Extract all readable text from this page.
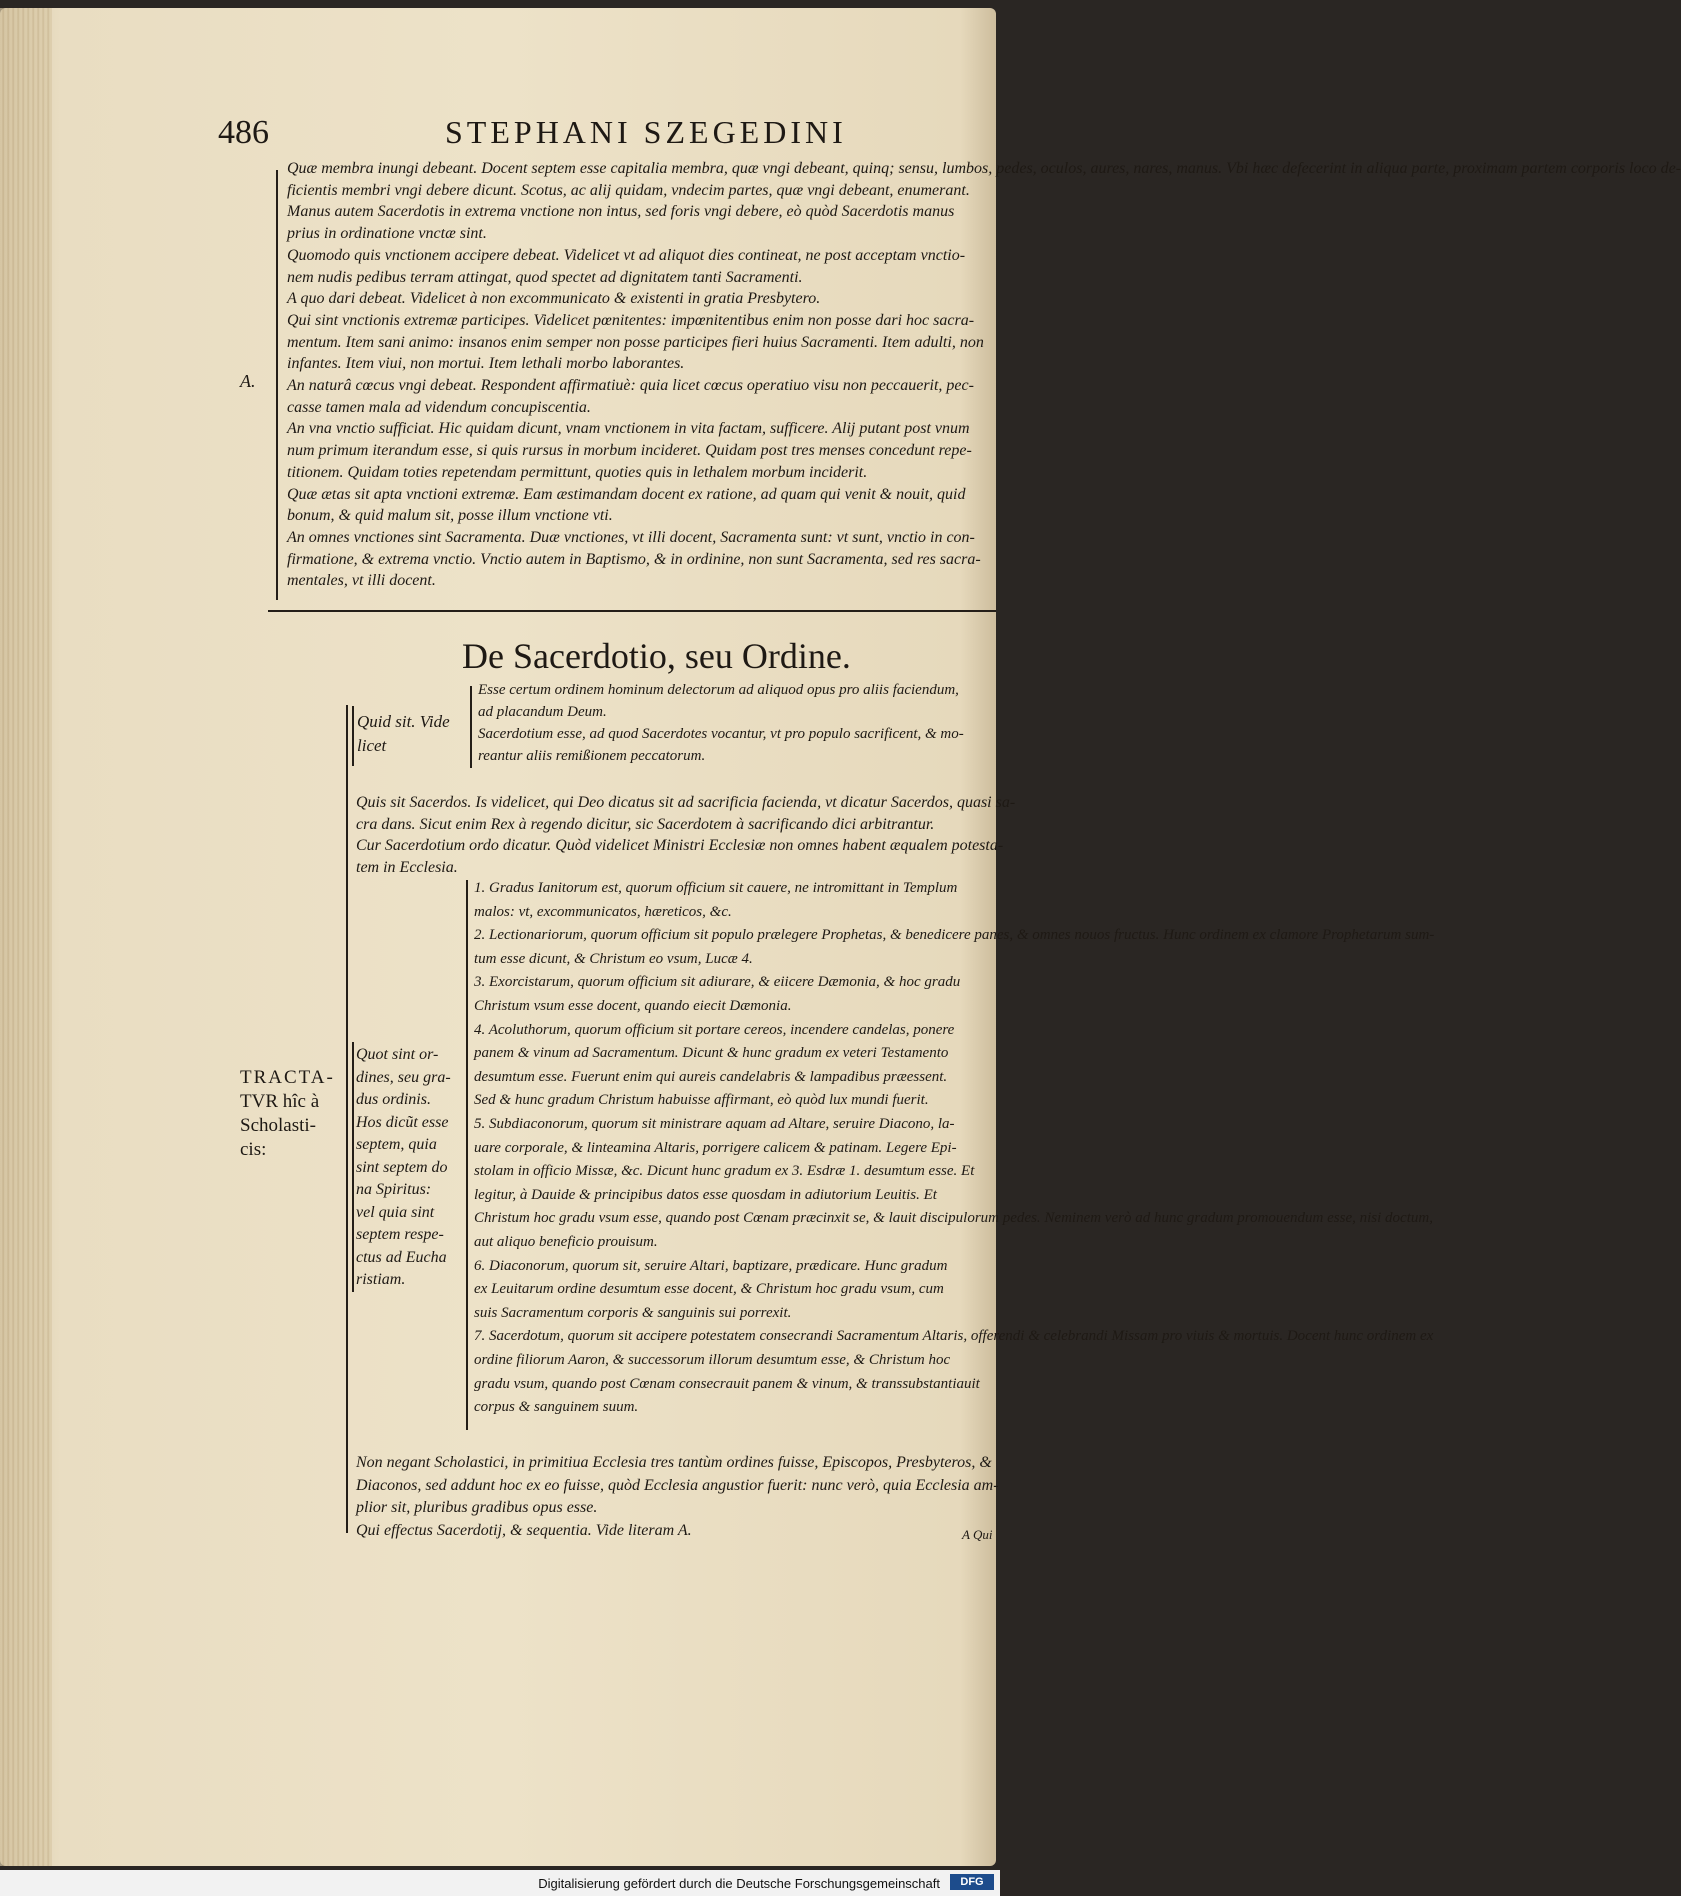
486	STEPHANI SZEGEDINI
A.
Quæ membra inungi debeant. Docent septem esse capitalia membra, quæ vngi debeant, quinq; sensu, lumbos, pedes, oculos, aures, nares, manus. Vbi hæc defecerint in aliqua parte, proximam partem corporis loco de-
ficientis membri vngi debere dicunt. Scotus, ac alij quidam, vndecim partes, quæ vngi debeant, enumerant.
Manus autem Sacerdotis in extrema vnctione non intus, sed foris vngi debere, eò quòd Sacerdotis manus
prius in ordinatione vnctæ sint.
Quomodo quis vnctionem accipere debeat. Videlicet vt ad aliquot dies contineat, ne post acceptam vnctio-
nem nudis pedibus terram attingat, quod spectet ad dignitatem tanti Sacramenti.
A quo dari debeat. Videlicet à non excommunicato & existenti in gratia Presbytero.
Qui sint vnctionis extremæ participes. Videlicet pœnitentes: impœnitentibus enim non posse dari hoc sacra-
mentum. Item sani animo: insanos enim semper non posse participes fieri huius Sacramenti. Item adulti, non
infantes. Item viui, non mortui. Item lethali morbo laborantes.
An naturâ cœcus vngi debeat. Respondent affirmatiuè: quia licet cœcus operatiuo visu non peccauerit, pec-
casse tamen mala ad videndum concupiscentia.
An vna vnctio sufficiat. Hic quidam dicunt, vnam vnctionem in vita factam, sufficere. Alij putant post vnum
num primum iterandum esse, si quis rursus in morbum incideret. Quidam post tres menses concedunt repe-
titionem. Quidam toties repetendam permittunt, quoties quis in lethalem morbum inciderit.
Quæ ætas sit apta vnctioni extremæ. Eam æstimandam docent ex ratione, ad quam qui venit & nouit, quid
bonum, & quid malum sit, posse illum vnctione vti.
An omnes vnctiones sint Sacramenta. Duæ vnctiones, vt illi docent, Sacramenta sunt: vt sunt, vnctio in con-
firmatione, & extrema vnctio. Vnctio autem in Baptismo, & in ordinine, non sunt Sacramenta, sed res sacra-
mentales, vt illi docent.
De Sacerdotio, seu Ordine.
TRACTA-
TVR hîc à
Scholasti-
cis:
Quid sit. Vide licet
Esse certum ordinem hominum delectorum ad aliquod opus pro aliis faciendum,
ad placandum Deum.
Sacerdotium esse, ad quod Sacerdotes vocantur, vt pro populo sacrificent, & mo-
reantur aliis remißionem peccatorum.
Quis sit Sacerdos. Is videlicet, qui Deo dicatus sit ad sacrificia facienda, vt dicatur Sacerdos, quasi sa-
cra dans. Sicut enim Rex à regendo dicitur, sic Sacerdotem à sacrificando dici arbitrantur.
Cur Sacerdotium ordo dicatur. Quòd videlicet Ministri Ecclesiæ non omnes habent æqualem potesta-
tem in Ecclesia.
Quot sint or-
dines, seu gra-
dus ordinis.
Hos dicũt esse
septem, quia
sint septem do
na Spiritus:
vel quia sint
septem respe-
ctus ad Eucha
ristiam.
1. Gradus Ianitorum est, quorum officium sit cauere, ne intromittant in Templum
malos: vt, excommunicatos, hæreticos, &c.
2. Lectionariorum, quorum officium sit populo prælegere Prophetas, & benedicere panes, & omnes nouos fructus. Hunc ordinem ex clamore Prophetarum sum-
tum esse dicunt, & Christum eo vsum, Lucæ 4.
3. Exorcistarum, quorum officium sit adiurare, & eiicere Dæmonia, & hoc gradu
Christum vsum esse docent, quando eiecit Dæmonia.
4. Acoluthorum, quorum officium sit portare cereos, incendere candelas, ponere
panem & vinum ad Sacramentum. Dicunt & hunc gradum ex veteri Testamento
desumtum esse. Fuerunt enim qui aureis candelabris & lampadibus præessent.
Sed & hunc gradum Christum habuisse affirmant, eò quòd lux mundi fuerit.
5. Subdiaconorum, quorum sit ministrare aquam ad Altare, seruire Diacono, la-
uare corporale, & linteamina Altaris, porrigere calicem & patinam. Legere Epi-
stolam in officio Missæ, &c. Dicunt hunc gradum ex 3. Esdræ 1. desumtum esse. Et
legitur, à Dauide & principibus datos esse quosdam in adiutorium Leuitis. Et
Christum hoc gradu vsum esse, quando post Cœnam præcinxit se, & lauit discipulorum pedes. Neminem verò ad hunc gradum promouendum esse, nisi doctum,
aut aliquo beneficio prouisum.
6. Diaconorum, quorum sit, seruire Altari, baptizare, prædicare. Hunc gradum
ex Leuitarum ordine desumtum esse docent, & Christum hoc gradu vsum, cum
suis Sacramentum corporis & sanguinis sui porrexit.
7. Sacerdotum, quorum sit accipere potestatem consecrandi Sacramentum Altaris, offerendi & celebrandi Missam pro viuis & mortuis. Docent hunc ordinem ex
ordine filiorum Aaron, & successorum illorum desumtum esse, & Christum hoc
gradu vsum, quando post Cœnam consecrauit panem & vinum, & transsubstantiauit
corpus & sanguinem suum.
Non negant Scholastici, in primitiua Ecclesia tres tantùm ordines fuisse, Episcopos, Presbyteros, &
Diaconos, sed addunt hoc ex eo fuisse, quòd Ecclesia angustior fuerit: nunc verò, quia Ecclesia am-
plior sit, pluribus gradibus opus esse.
Qui effectus Sacerdotij, & sequentia. Vide literam A.	A Qui
Digitalisierung gefördert durch die Deutsche Forschungsgemeinschaft	DFG
